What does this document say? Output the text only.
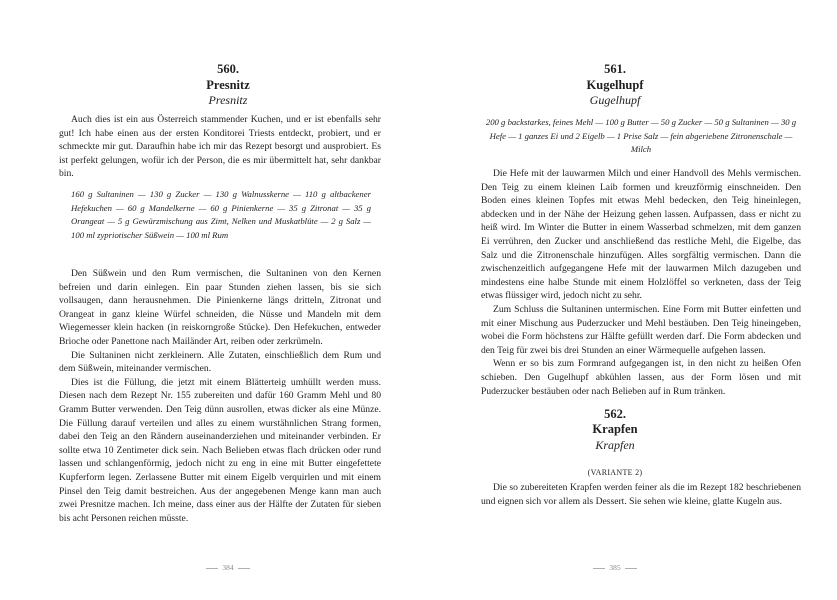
560.
Presnitz
Presnitz

Auch dies ist ein aus Österreich stammender Kuchen, und er ist ebenfalls sehr gut! Ich habe einen aus der ersten Konditorei Triests entdeckt, probiert, und er schmeckte mir gut. Daraufhin habe ich mir das Rezept besorgt und ausprobiert. Es ist perfekt gelungen, wofür ich der Person, die es mir übermittelt hat, sehr dankbar bin.

160 g Sultaninen — 130 g Zucker — 130 g Walnusskerne — 110 g altbackener Hefekuchen — 60 g Mandelkerne — 60 g Pinienkerne — 35 g Zitronat — 35 g Orangeat — 5 g Gewürzmischung aus Zimt, Nelken und Muskatblüte — 2 g Salz — 100 ml zypriotischer Süßwein — 100 ml Rum

Den Süßwein und den Rum vermischen, die Sultaninen von den Kernen befreien und darin einlegen. Ein paar Stunden ziehen lassen, bis sie sich vollsaugen, dann herausnehmen. Die Pinienkerne längs dritteln, Zitronat und Orangeat in ganz kleine Würfel schneiden, die Nüsse und Mandeln mit dem Wiegemesser klein hacken (in reiskorngroße Stücke). Den Hefekuchen, entweder Brioche oder Panettone nach Mailänder Art, reiben oder zerkrümeln.

Die Sultaninen nicht zerkleinern. Alle Zutaten, einschließlich dem Rum und dem Süßwein, miteinander vermischen.

Dies ist die Füllung, die jetzt mit einem Blätterteig umhüllt werden muss. Diesen nach dem Rezept Nr. 155 zubereiten und dafür 160 Gramm Mehl und 80 Gramm Butter verwenden. Den Teig dünn ausrollen, etwas dicker als eine Münze. Die Füllung darauf verteilen und alles zu einem wurstähnlichen Strang formen, dabei den Teig an den Rändern auseinanderziehen und miteinander verbinden. Er sollte etwa 10 Zentimeter dick sein. Nach Belieben etwas flach drücken oder rund lassen und schlangenförmig, jedoch nicht zu eng in eine mit Butter eingefettete Kupferform legen. Zerlassene Butter mit einem Eigelb verquirlen und mit einem Pinsel den Teig damit bestreichen. Aus der angegebenen Menge kann man auch zwei Presnitze machen. Ich meine, dass einer aus der Hälfte der Zutaten für sieben bis acht Personen reichen müsste.

384
561.
Kugelhupf
Gugelhupf
200 g backstarkes, feines Mehl — 100 g Butter — 50 g Zucker — 50 g Sultaninen — 30 g Hefe — 1 ganzes Ei und 2 Eigelb — 1 Prise Salz — fein abgeriebene Zitronenschale — Milch

Die Hefe mit der lauwarmen Milch und einer Handvoll des Mehls vermischen. Den Teig zu einem kleinen Laib formen und kreuzförmig einschneiden. Den Boden eines kleinen Topfes mit etwas Mehl bedecken, den Teig hineinlegen, abdecken und in der Nähe der Heizung gehen lassen. Aufpassen, dass er nicht zu heiß wird. Im Winter die Butter in einem Wasserbad schmelzen, mit dem ganzen Ei verrühren, den Zucker und anschließend das restliche Mehl, die Eigelbe, das Salz und die Zitronenschale hinzufügen. Alles sorgfältig vermischen. Dann die zwischenzeitlich aufgegangene Hefe mit der lauwarmen Milch dazugeben und mindestens eine halbe Stunde mit einem Holzlöffel so verkneten, dass der Teig etwas flüssiger wird, jedoch nicht zu sehr.

Zum Schluss die Sultaninen untermischen. Eine Form mit Butter einfetten und mit einer Mischung aus Puderzucker und Mehl bestäuben. Den Teig hineingeben, wobei die Form höchstens zur Hälfte gefüllt werden darf. Die Form abdecken und den Teig für zwei bis drei Stunden an einer Wärmequelle aufgehen lassen.

Wenn er so bis zum Formrand aufgegangen ist, in den nicht zu heißen Ofen schieben. Den Gugelhupf abkühlen lassen, aus der Form lösen und mit Puderzucker bestäuben oder nach Belieben auf in Rum tränken.

562.
Krapfen
Krapfen
(VARIANTE 2)

Die so zubereiteten Krapfen werden feiner als die im Rezept 182 beschriebenen und eignen sich vor allem als Dessert. Sie sehen wie kleine, glatte Kugeln aus.

385
